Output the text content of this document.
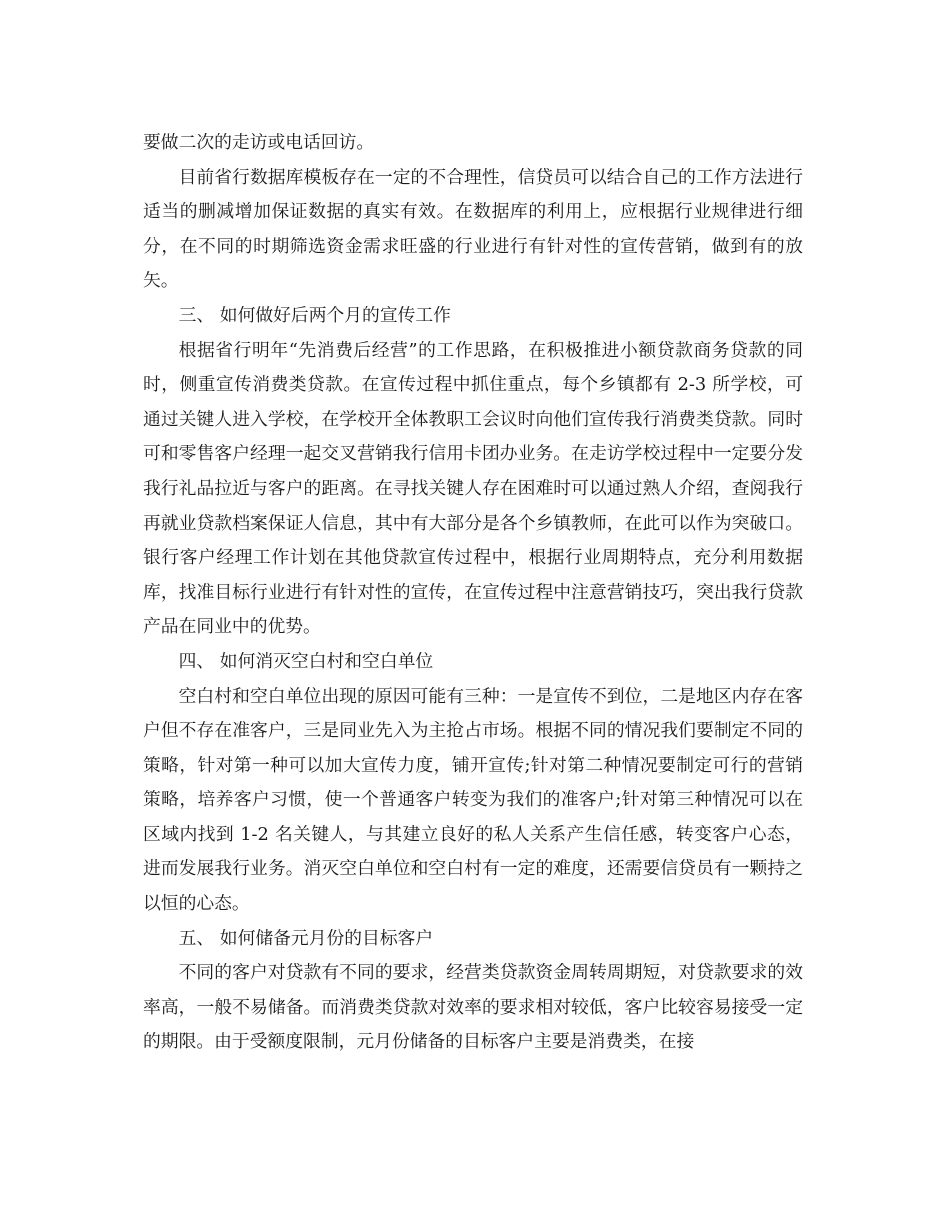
要做二次的走访或电话回访。

目前省行数据库模板存在一定的不合理性，信贷员可以结合自己的工作方法进行适当的删减增加保证数据的真实有效。在数据库的利用上，应根据行业规律进行细分，在不同的时期筛选资金需求旺盛的行业进行有针对性的宣传营销，做到有的放矢。

三、 如何做好后两个月的宣传工作

根据省行明年“先消费后经营”的工作思路，在积极推进小额贷款商务贷款的同时，侧重宣传消费类贷款。在宣传过程中抓住重点，每个乡镇都有 2-3 所学校，可通过关键人进入学校，在学校开全体教职工会议时向他们宣传我行消费类贷款。同时可和零售客户经理一起交叉营销我行信用卡团办业务。在走访学校过程中一定要分发我行礼品拉近与客户的距离。在寻找关键人存在困难时可以通过熟人介绍，查阅我行再就业贷款档案保证人信息，其中有大部分是各个乡镇教师，在此可以作为突破口。银行客户经理工作计划在其他贷款宣传过程中，根据行业周期特点，充分利用数据库，找准目标行业进行有针对性的宣传，在宣传过程中注意营销技巧，突出我行贷款产品在同业中的优势。

四、 如何消灭空白村和空白单位

空白村和空白单位出现的原因可能有三种：一是宣传不到位，二是地区内存在客户但不存在准客户，三是同业先入为主抢占市场。根据不同的情况我们要制定不同的策略，针对第一种可以加大宣传力度，铺开宣传;针对第二种情况要制定可行的营销策略，培养客户习惯，使一个普通客户转变为我们的准客户;针对第三种情况可以在区域内找到 1-2 名关键人，与其建立良好的私人关系产生信任感，转变客户心态，进而发展我行业务。消灭空白单位和空白村有一定的难度，还需要信贷员有一颗持之以恒的心态。

五、 如何储备元月份的目标客户

不同的客户对贷款有不同的要求，经营类贷款资金周转周期短，对贷款要求的效率高，一般不易储备。而消费类贷款对效率的要求相对较低，客户比较容易接受一定的期限。由于受额度限制，元月份储备的目标客户主要是消费类，在接
